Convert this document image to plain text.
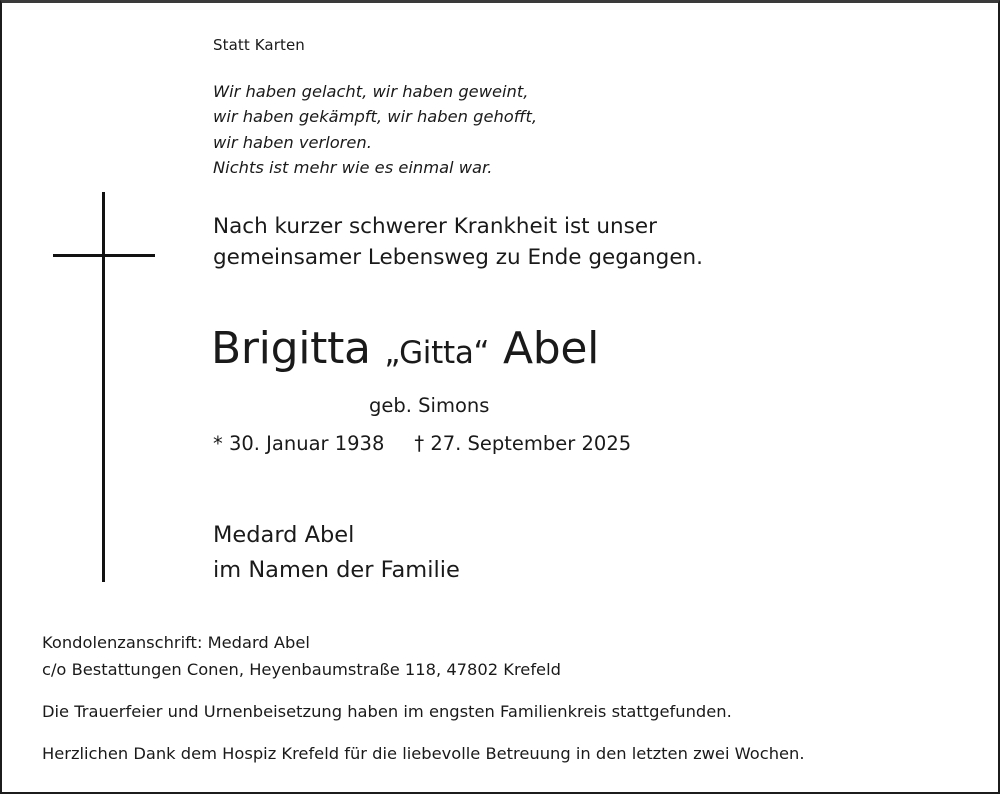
Statt Karten

Wir haben gelacht, wir haben geweint,
wir haben gekämpft, wir haben gehofft,
wir haben verloren.
Nichts ist mehr wie es einmal war.
Nach kurzer schwerer Krankheit ist unser
gemeinsamer Lebensweg zu Ende gegangen.
Brigitta „Gitta“ Abel

geb. Simons

* 30. Januar 1938 † 27. September 2025
Medard Abel
im Namen der Familie

Kondolenzanschrift: Medard Abel

c/o Bestattungen Conen, Heyenbaumstraße 118, 47802 Krefeld

Die Trauerfeier und Urnenbeisetzung haben im engsten Familienkreis stattgefunden.

Herzlichen Dank dem Hospiz Krefeld für die liebevolle Betreuung in den letzten zwei Wochen.
